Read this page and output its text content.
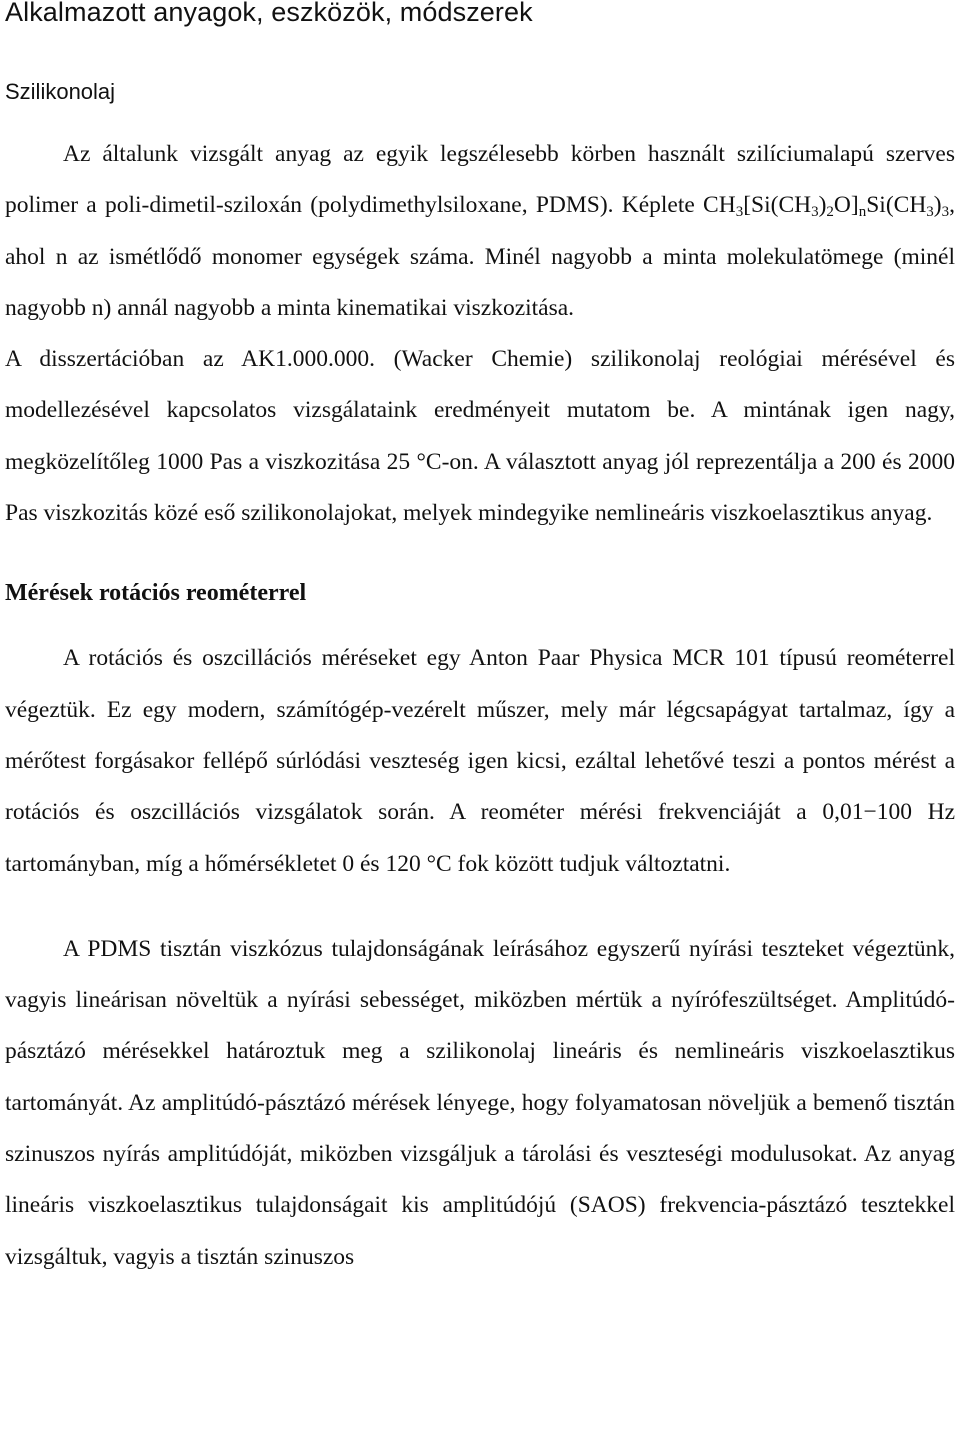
Alkalmazott anyagok, eszközök, módszerek
Szilikonolaj

Az általunk vizsgált anyag az egyik legszélesebb körben használt szilíciumalapú szerves polimer a poli-dimetil-sziloxán (polydimethylsiloxane, PDMS). Képlete $CH_3[Si(CH_3)_2O]_nSi(CH_3)_3$, ahol n az ismétlődő monomer egységek száma. Minél nagyobb a minta molekulatömege (minél nagyobb n) annál nagyobb a minta kinematikai viszkozitása.

A disszertációban az AK1.000.000. (Wacker Chemie) szilikonolaj reológiai mérésével és modellezésével kapcsolatos vizsgálataink eredményeit mutatom be. A mintának igen nagy, megközelítőleg 1000 Pas a viszkozitása 25 °C-on. A választott anyag jól reprezentálja a 200 és 2000 Pas viszkozitás közé eső szilikonolajokat, melyek mindegyike nemlineáris viszkoelasztikus anyag.

Mérések rotációs reométerrel

A rotációs és oszcillációs méréseket egy Anton Paar Physica MCR 101 típusú reométerrel végeztük. Ez egy modern, számítógép-vezérelt műszer, mely már légcsapágyat tartalmaz, így a mérőtest forgásakor fellépő súrlódási veszteség igen kicsi, ezáltal lehetővé teszi a pontos mérést a rotációs és oszcillációs vizsgálatok során. A reométer mérési frekvenciáját a 0,01−100 Hz tartományban, míg a hőmérsékletet 0 és 120 °C fok között tudjuk változtatni.

A PDMS tisztán viszkózus tulajdonságának leírásához egyszerű nyírási teszteket végeztünk, vagyis lineárisan növeltük a nyírási sebességet, miközben mértük a nyírófeszültséget. Amplitúdó-pásztázó mérésekkel határoztuk meg a szilikonolaj lineáris és nemlineáris viszkoelasztikus tartományát. Az amplitúdó-pásztázó mérések lényege, hogy folyamatosan növeljük a bemenő tisztán szinuszos nyírás amplitúdóját, miközben vizsgáljuk a tárolási és veszteségi modulusokat. Az anyag lineáris viszkoelasztikus tulajdonságait kis amplitúdójú (SAOS) frekvencia-pásztázó tesztekkel vizsgáltuk, vagyis a tisztán szinuszos
